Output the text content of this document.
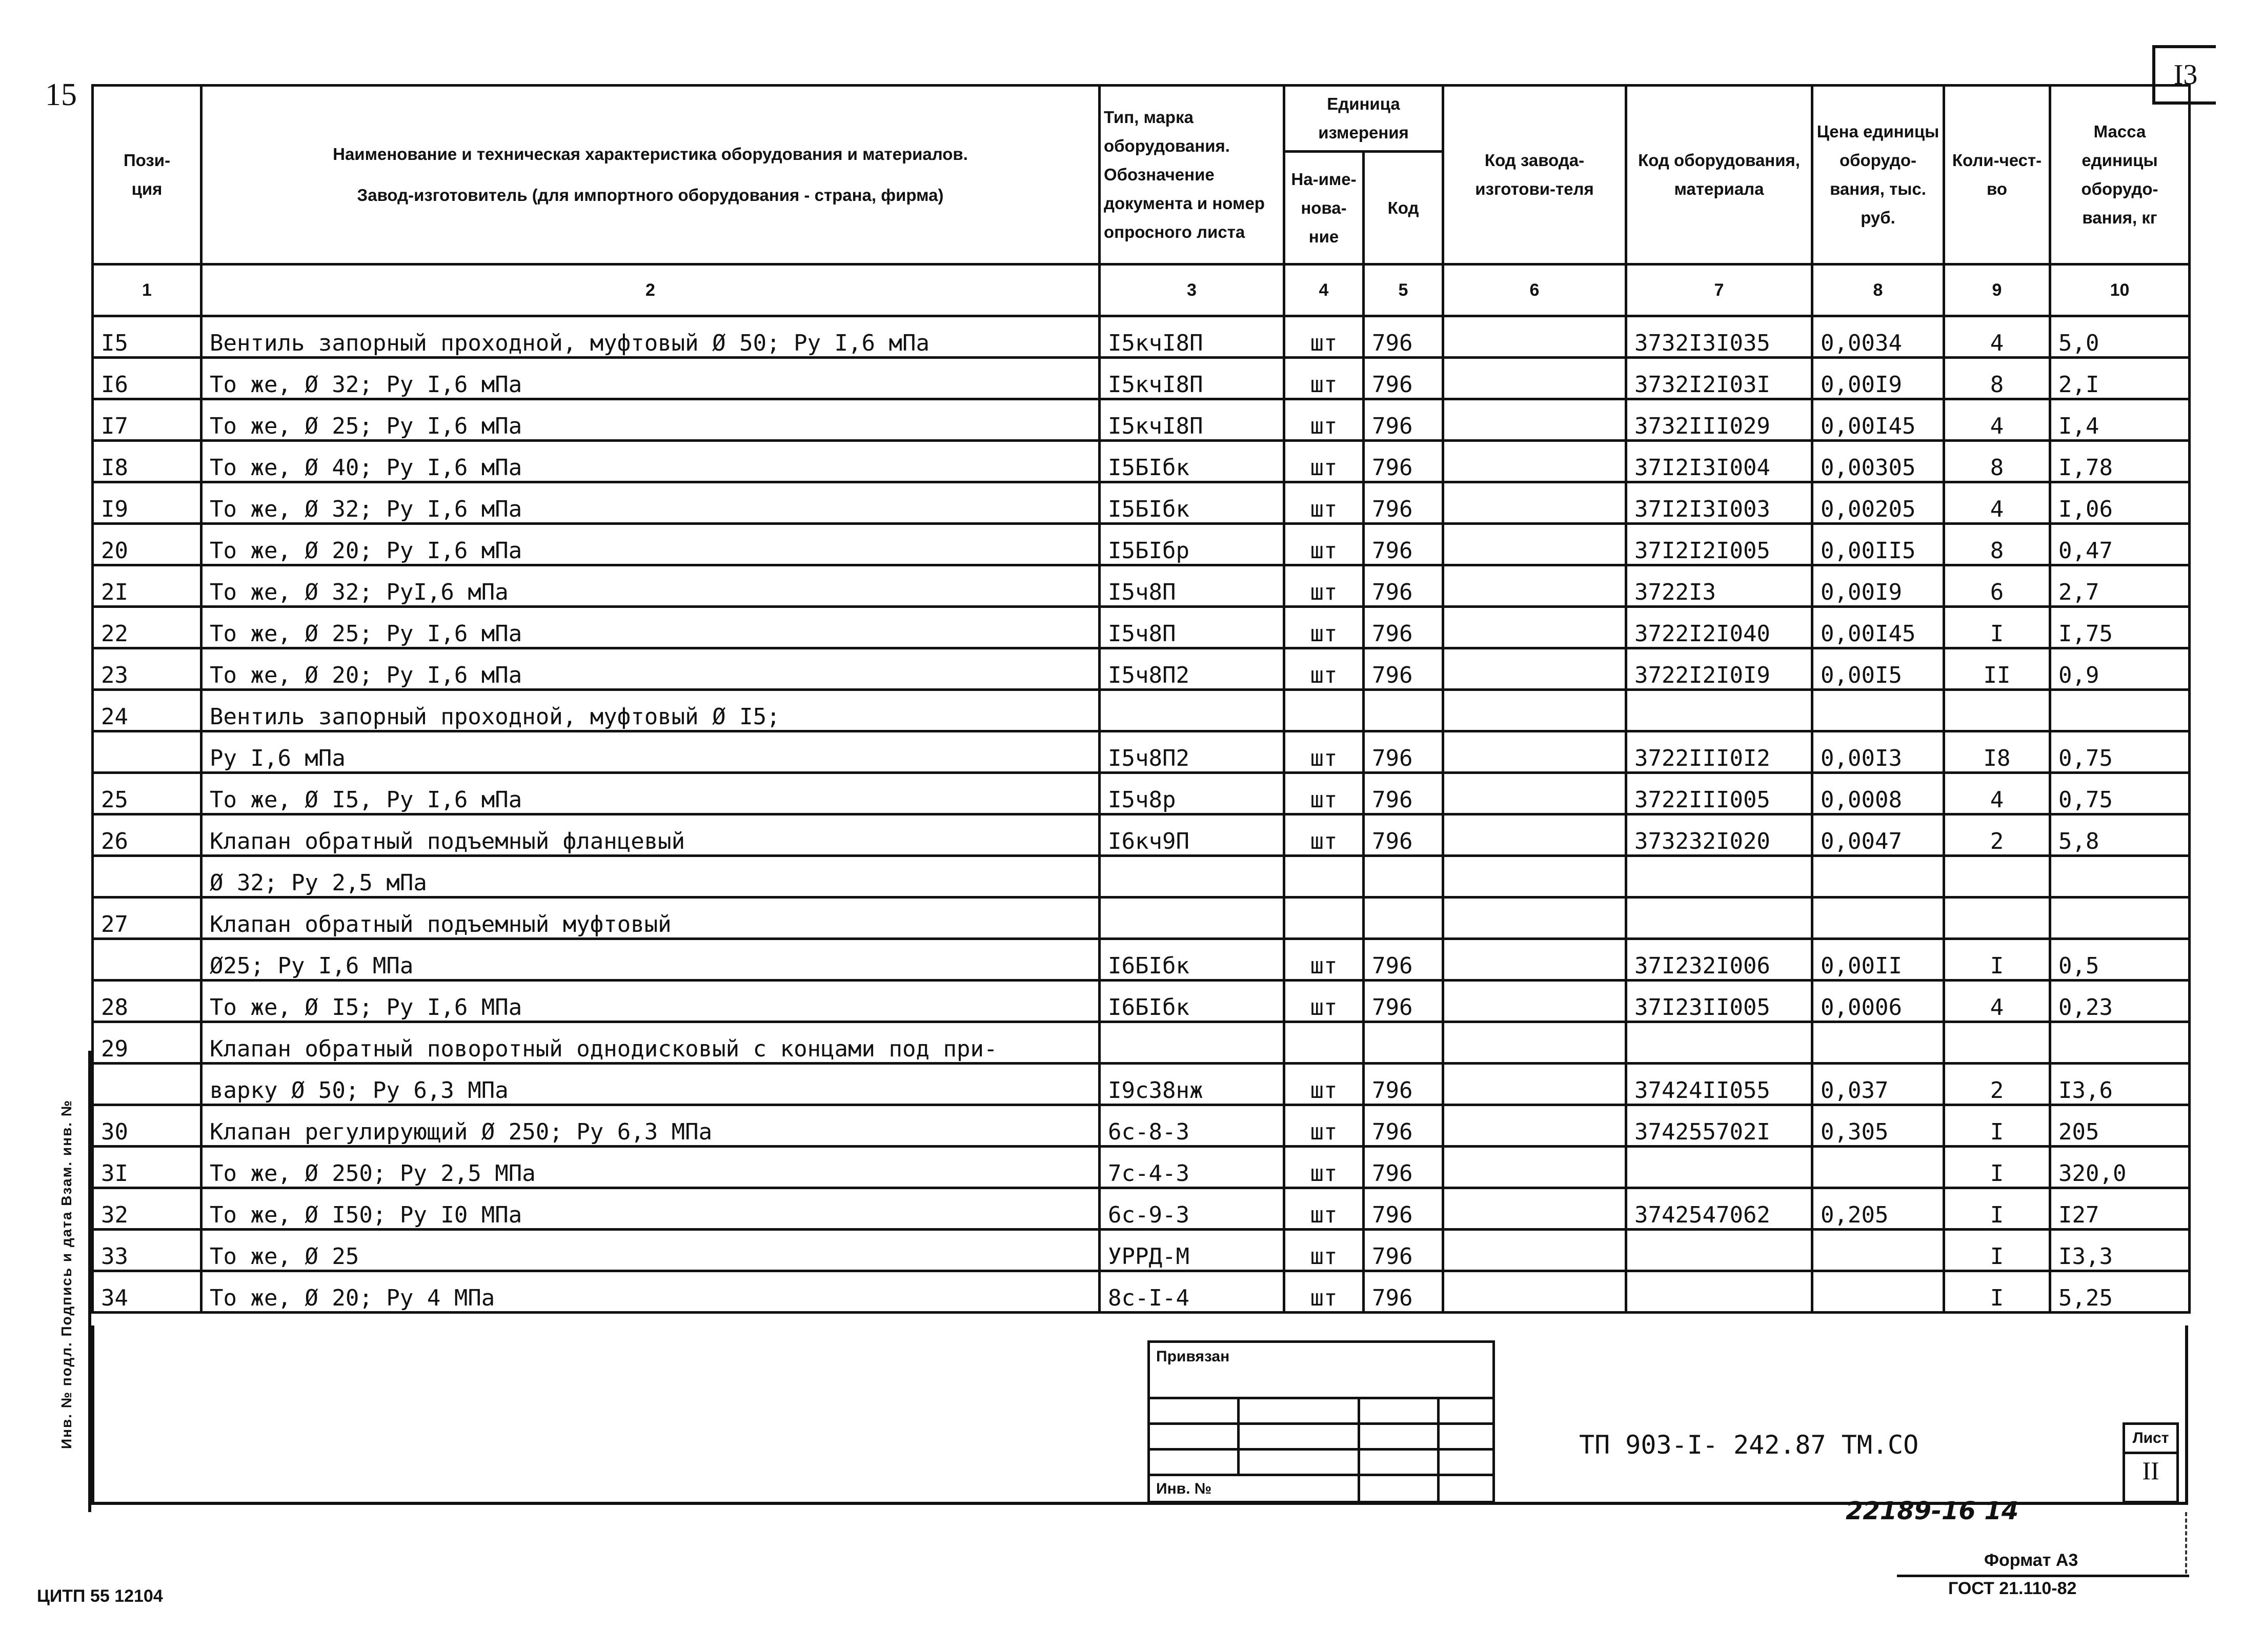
15
I3
Пози-
ция	Наименование и техническая характеристика оборудования и материалов.
Завод-изготовитель (для импортного оборудования - страна, фирма)	Тип, марка оборудования. Обозначение документа и номер опросного листа	Единица измерения		Код завода-изготови-теля	Код оборудования, материала	Цена единицы оборудо-вания, тыс. руб.	Коли-чест-во	Масса единицы оборудо-вания, кг
			На-име-нова-ние	Код					
1	2	3	4	5	6	7	8	9	10
I5	Вентиль запорный проходной, муфтовый Ø 50; Ру I,6 мПа	I5кчI8П	шт	796		3732I3I035	0,0034	4	5,0
I6	То же, Ø 32; Ру I,6 мПа	I5кчI8П	шт	796		3732I2I03I	0,00I9	8	2,I
I7	То же, Ø 25; Ру I,6 мПа	I5кчI8П	шт	796		3732III029	0,00I45	4	I,4
I8	То же, Ø 40; Ру I,6 мПа	I5БIбк	шт	796		37I2I3I004	0,00305	8	I,78
I9	То же, Ø 32; Ру I,6 мПа	I5БIбк	шт	796		37I2I3I003	0,00205	4	I,06
20	То же, Ø 20; Ру I,6 мПа	I5БIбр	шт	796		37I2I2I005	0,00II5	8	0,47
2I	То же, Ø 32; РуI,6 мПа	I5ч8П	шт	796		3722I3	0,00I9	6	2,7
22	То же, Ø 25; Ру I,6 мПа	I5ч8П	шт	796		3722I2I040	0,00I45	I	I,75
23	То же, Ø 20; Ру I,6 мПа	I5ч8П2	шт	796		3722I2I0I9	0,00I5	II	0,9
24	Вентиль запорный проходной, муфтовый Ø I5;								
	Ру I,6 мПа	I5ч8П2	шт	796		3722III0I2	0,00I3	I8	0,75
25	То же, Ø I5, Ру I,6 мПа	I5ч8р	шт	796		3722III005	0,0008	4	0,75
26	Клапан обратный подъемный фланцевый	I6кч9П	шт	796		373232I020	0,0047	2	5,8
	Ø 32; Ру 2,5 мПа								
27	Клапан обратный подъемный муфтовый								
	Ø25; Ру I,6 МПа	I6БIбк	шт	796		37I232I006	0,00II	I	0,5
28	То же, Ø I5; Ру I,6 МПа	I6БIбк	шт	796		37I23II005	0,0006	4	0,23
29	Клапан обратный поворотный однодисковый с концами под при-								
	варку Ø 50; Ру 6,3 МПа	I9с38нж	шт	796		37424II055	0,037	2	I3,6
30	Клапан регулирующий Ø 250; Ру 6,3 МПа	6с-8-3	шт	796		374255702I	0,305	I	205
3I	То же, Ø 250; Ру 2,5 МПа	7с-4-3	шт	796				I	320,0
32	То же, Ø I50; Ру I0 МПа	6с-9-3	шт	796		3742547062	0,205	I	I27
33	То же, Ø 25	УРРД-М	шт	796				I	I3,3
34	То же, Ø 20; Ру 4 МПа	8с-I-4	шт	796				I	5,25
Инв. № подл. Подпись и дата Взам. инв. №	Привязан
Инв. №
ТП 903-I- 242.87 ТМ.СО	Лист
II
22189-16 14
Формат А3
ГОСТ 21.110-82
ЦИТП 55 12104
